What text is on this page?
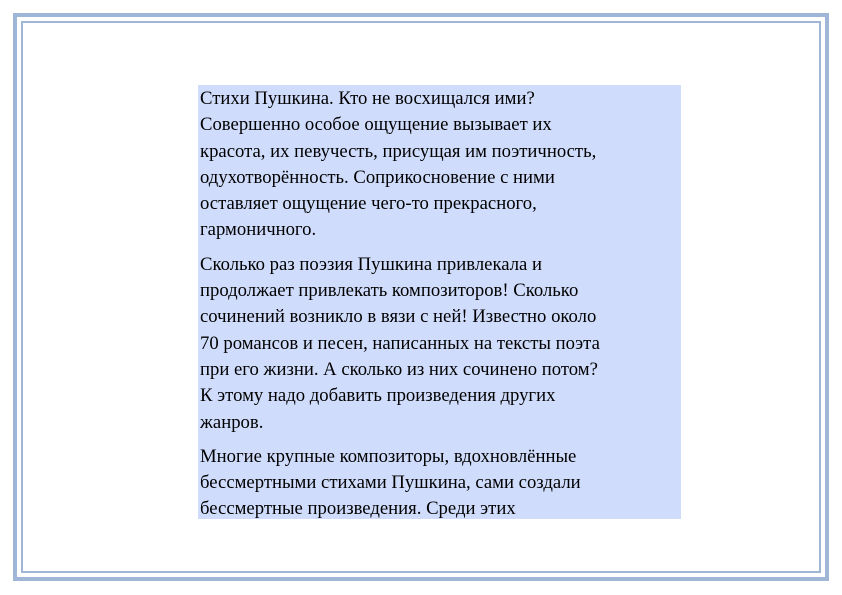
Стихи Пушкина. Кто не восхищался ими?
Совершенно особое ощущение вызывает их
красота, их певучесть, присущая им поэтичность,
одухотворённость. Соприкосновение с ними
оставляет ощущение чего-то прекрасного,
гармоничного.

Сколько раз поэзия Пушкина привлекала и
продолжает привлекать композиторов! Сколько
сочинений возникло в вязи с ней! Известно около
70 романсов и песен, написанных на тексты поэта
при его жизни. А сколько из них сочинено потом?
К этому надо добавить произведения других
жанров.

Многие крупные композиторы, вдохновлённые
бессмертными стихами Пушкина, сами создали
бессмертные произведения. Среди этих
